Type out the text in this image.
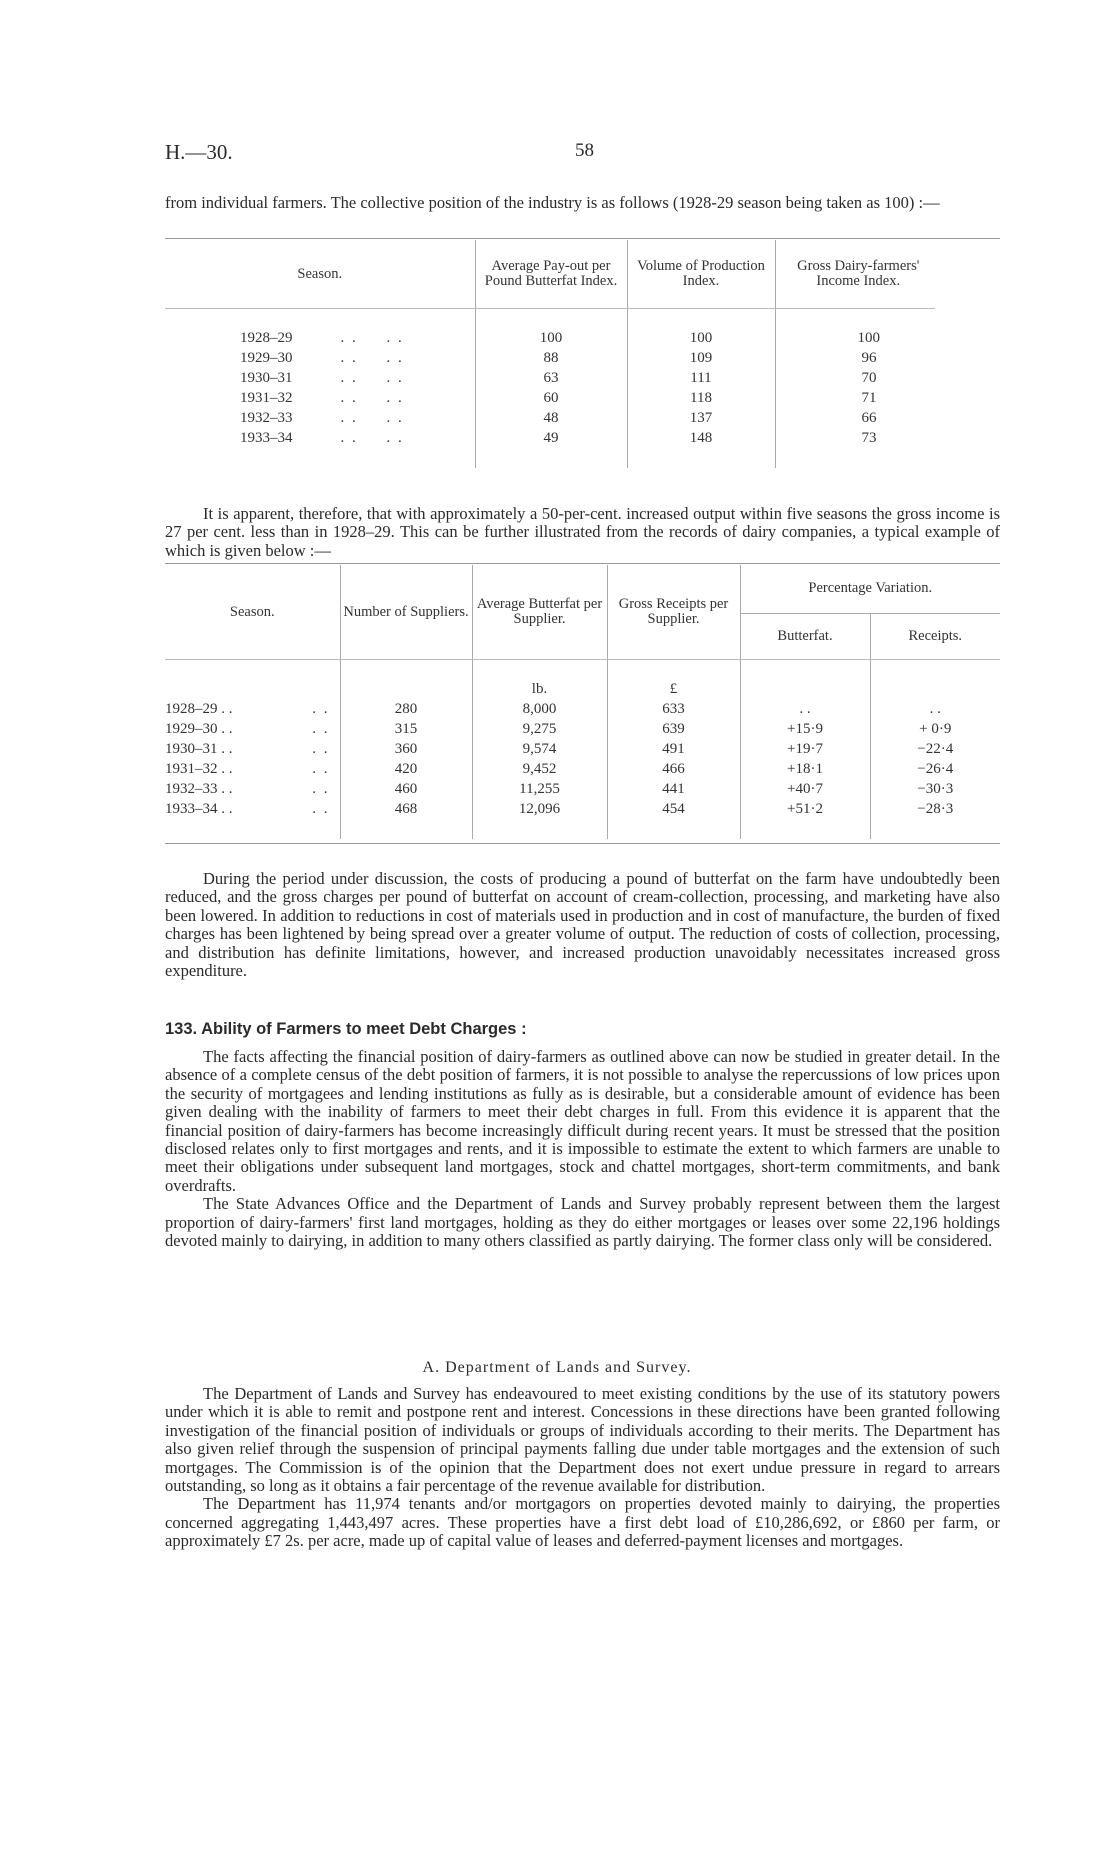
H.—30.	58

from individual farmers. The collective position of the industry is as follows (1928-29 season being taken as 100) :—

Season.	Average Pay-out per Pound Butterfat Index.	Volume of Production Index.	Gross Dairy-farmers' Income Index.

1928–29 . .     . .	100	100	100
1929–30 . .     . .	88	109	96
1930–31 . .     . .	63	111	70
1931–32 . .     . .	60	118	71
1932–33 . .     . .	48	137	66
1933–34 . .     . .	49	148	73

It is apparent, therefore, that with approximately a 50-per-cent. increased output within five seasons the gross income is 27 per cent. less than in 1928–29. This can be further illustrated from the records of dairy companies, a typical example of which is given below :—

Season.	Number of Suppliers.	Average Butterfat per Supplier.	Gross Receipts per Supplier.	Percentage Variation.	
				Butterfat.	Receipts.

		lb.	£		
1928–29 . . . .	280	8,000	633	. .	. .
1929–30 . . . .	315	9,275	639	+15·9	+ 0·9
1930–31 . . . .	360	9,574	491	+19·7	−22·4
1931–32 . . . .	420	9,452	466	+18·1	−26·4
1932–33 . . . .	460	11,255	441	+40·7	−30·3
1933–34 . . . .	468	12,096	454	+51·2	−28·3

During the period under discussion, the costs of producing a pound of butterfat on the farm have undoubtedly been reduced, and the gross charges per pound of butterfat on account of cream-collection, processing, and marketing have also been lowered. In addition to reductions in cost of materials used in production and in cost of manufacture, the burden of fixed charges has been lightened by being spread over a greater volume of output. The reduction of costs of collection, processing, and distribution has definite limitations, however, and increased production unavoidably necessitates increased gross expenditure.

133. Ability of Farmers to meet Debt Charges :

The facts affecting the financial position of dairy-farmers as outlined above can now be studied in greater detail. In the absence of a complete census of the debt position of farmers, it is not possible to analyse the repercussions of low prices upon the security of mortgagees and lending institutions as fully as is desirable, but a considerable amount of evidence has been given dealing with the inability of farmers to meet their debt charges in full. From this evidence it is apparent that the financial position of dairy-farmers has become increasingly difficult during recent years. It must be stressed that the position disclosed relates only to first mortgages and rents, and it is impossible to estimate the extent to which farmers are unable to meet their obligations under subsequent land mortgages, stock and chattel mortgages, short-term commitments, and bank overdrafts.

The State Advances Office and the Department of Lands and Survey probably represent between them the largest proportion of dairy-farmers' first land mortgages, holding as they do either mortgages or leases over some 22,196 holdings devoted mainly to dairying, in addition to many others classified as partly dairying. The former class only will be considered.

A. Department of Lands and Survey.

The Department of Lands and Survey has endeavoured to meet existing conditions by the use of its statutory powers under which it is able to remit and postpone rent and interest. Concessions in these directions have been granted following investigation of the financial position of individuals or groups of individuals according to their merits. The Department has also given relief through the suspension of principal payments falling due under table mortgages and the extension of such mortgages. The Commission is of the opinion that the Department does not exert undue pressure in regard to arrears outstanding, so long as it obtains a fair percentage of the revenue available for distribution.

The Department has 11,974 tenants and/or mortgagors on properties devoted mainly to dairying, the properties concerned aggregating 1,443,497 acres. These properties have a first debt load of £10,286,692, or £860 per farm, or approximately £7 2s. per acre, made up of capital value of leases and deferred-payment licenses and mortgages.
